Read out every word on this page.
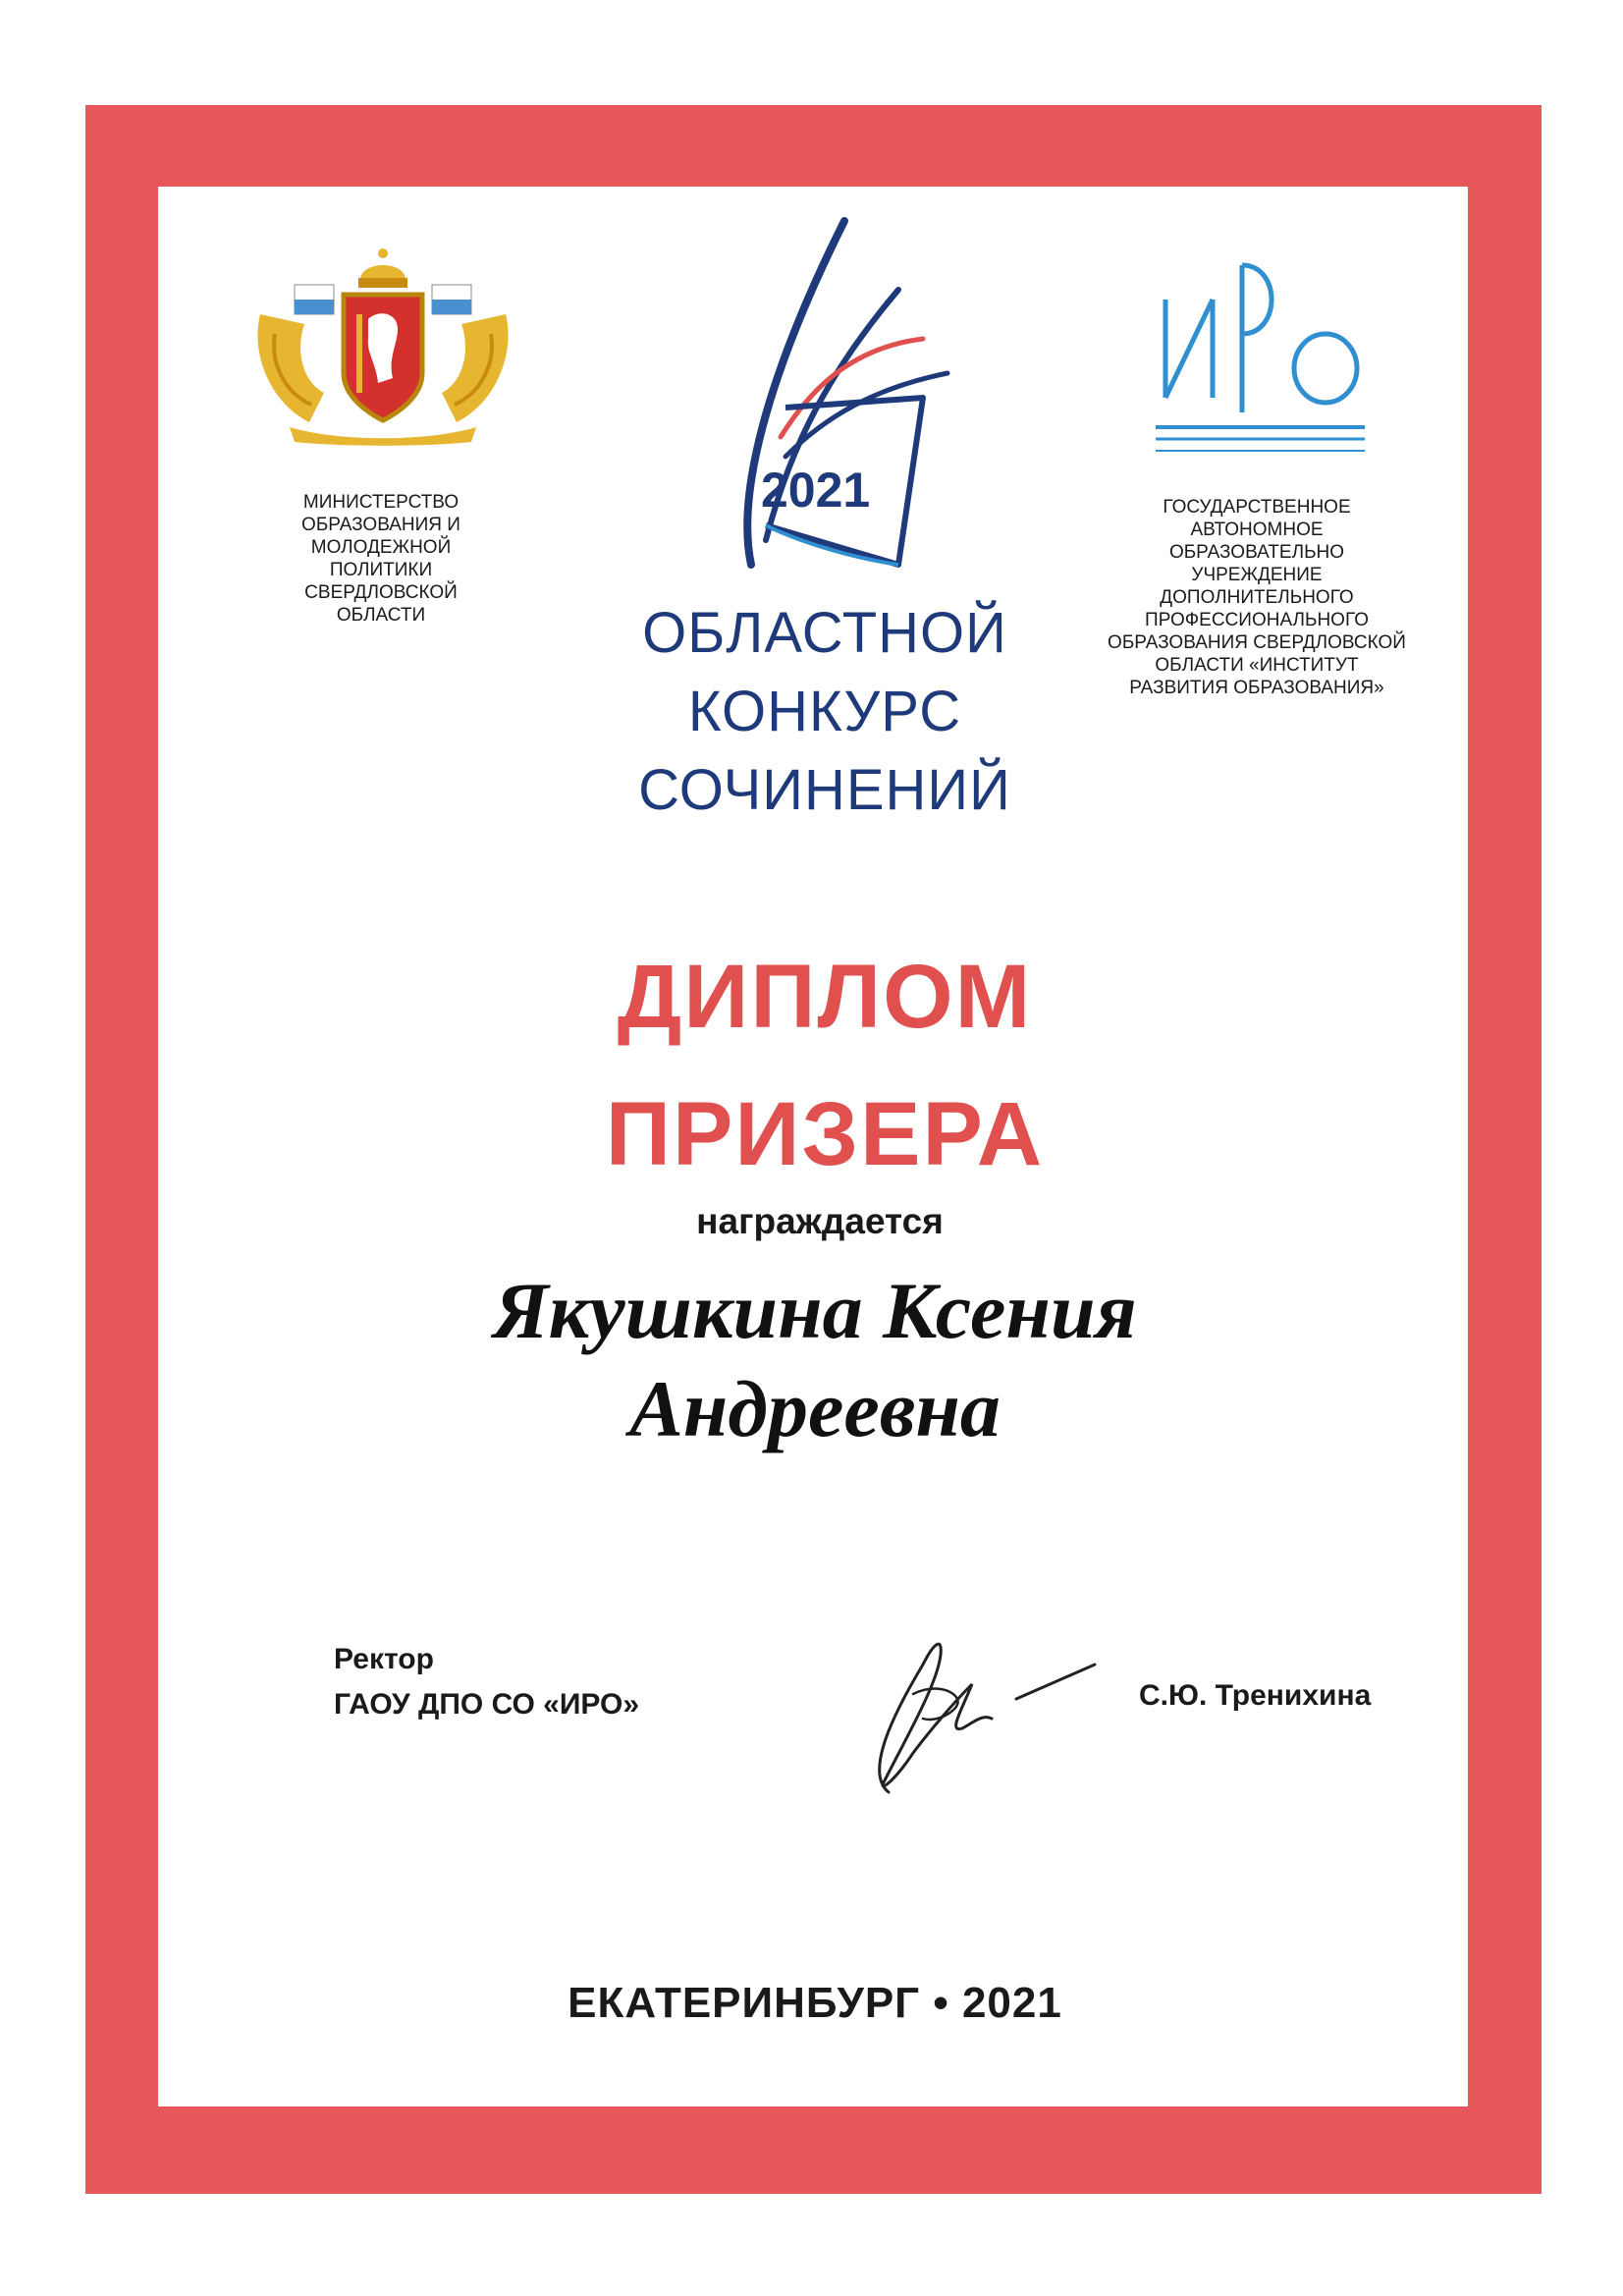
МИНИСТЕРСТВО
ОБРАЗОВАНИЯ И
МОЛОДЕЖНОЙ
ПОЛИТИКИ
СВЕРДЛОВСКОЙ
ОБЛАСТИ
2021
ОБЛАСТНОЙ
КОНКУРС
СОЧИНЕНИЙ
ГОСУДАРСТВЕННОЕ
АВТОНОМНОЕ
ОБРАЗОВАТЕЛЬНО
УЧРЕЖДЕНИЕ
ДОПОЛНИТЕЛЬНОГО
ПРОФЕССИОНАЛЬНОГО
ОБРАЗОВАНИЯ СВЕРДЛОВСКОЙ
ОБЛАСТИ «ИНСТИТУТ
РАЗВИТИЯ ОБРАЗОВАНИЯ»
ДИПЛОМ
ПРИЗЕРА
награждается
Якушкина Ксения
Андреевна
Ректор
ГАОУ ДПО СО «ИРО»	С.Ю. Тренихина
ЕКАТЕРИНБУРГ • 2021
